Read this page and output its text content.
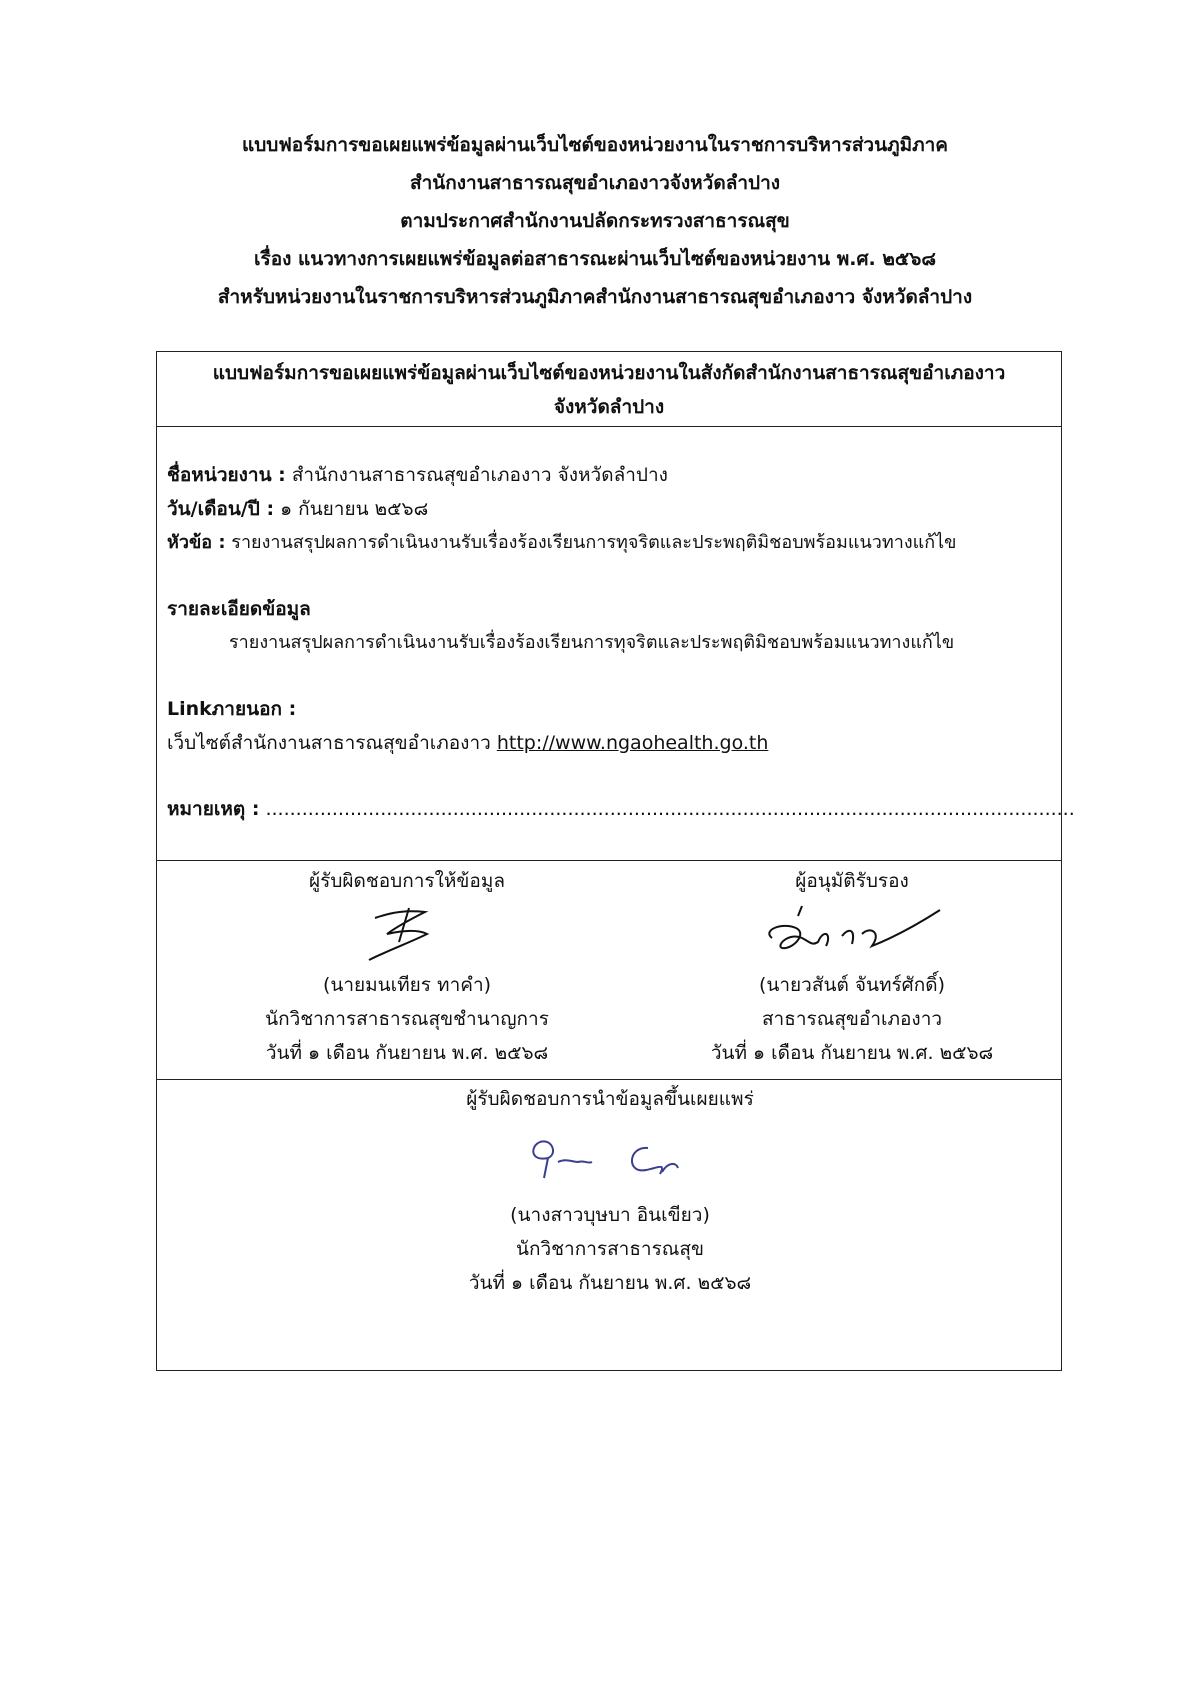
แบบฟอร์มการขอเผยแพร่ข้อมูลผ่านเว็บไซต์ของหน่วยงานในราชการบริหารส่วนภูมิภาค
สำนักงานสาธารณสุขอำเภองาวจังหวัดลำปาง
ตามประกาศสำนักงานปลัดกระทรวงสาธารณสุข
เรื่อง แนวทางการเผยแพร่ข้อมูลต่อสาธารณะผ่านเว็บไซต์ของหน่วยงาน พ.ศ. ๒๕๖๘
สำหรับหน่วยงานในราชการบริหารส่วนภูมิภาคสำนักงานสาธารณสุขอำเภองาว จังหวัดลำปาง
แบบฟอร์มการขอเผยแพร่ข้อมูลผ่านเว็บไซต์ของหน่วยงานในสังกัดสำนักงานสาธารณสุขอำเภองาว
จังหวัดลำปาง
ชื่อหน่วยงาน : สำนักงานสาธารณสุขอำเภองาว จังหวัดลำปาง
วัน/เดือน/ปี : ๑ กันยายน ๒๕๖๘
หัวข้อ : รายงานสรุปผลการดำเนินงานรับเรื่องร้องเรียนการทุจริตและประพฤติมิชอบพร้อมแนวทางแก้ไข
รายละเอียดข้อมูล
รายงานสรุปผลการดำเนินงานรับเรื่องร้องเรียนการทุจริตและประพฤติมิชอบพร้อมแนวทางแก้ไข
Linkภายนอก :
เว็บไซต์สำนักงานสาธารณสุขอำเภองาว http://www.ngaohealth.go.th
หมายเหตุ : ......................................................................................................................................
ผู้รับผิดชอบการให้ข้อมูล
(นายมนเทียร ทาคำ)
นักวิชาการสาธารณสุขชำนาญการ
วันที่ ๑ เดือน กันยายน พ.ศ. ๒๕๖๘
ผู้อนุมัติรับรอง
(นายวสันต์ จันทร์ศักดิ์)
สาธารณสุขอำเภองาว
วันที่ ๑ เดือน กันยายน พ.ศ. ๒๕๖๘
ผู้รับผิดชอบการนำข้อมูลขึ้นเผยแพร่
(นางสาวบุษบา อินเขียว)
นักวิชาการสาธารณสุข
วันที่ ๑ เดือน กันยายน พ.ศ. ๒๕๖๘
